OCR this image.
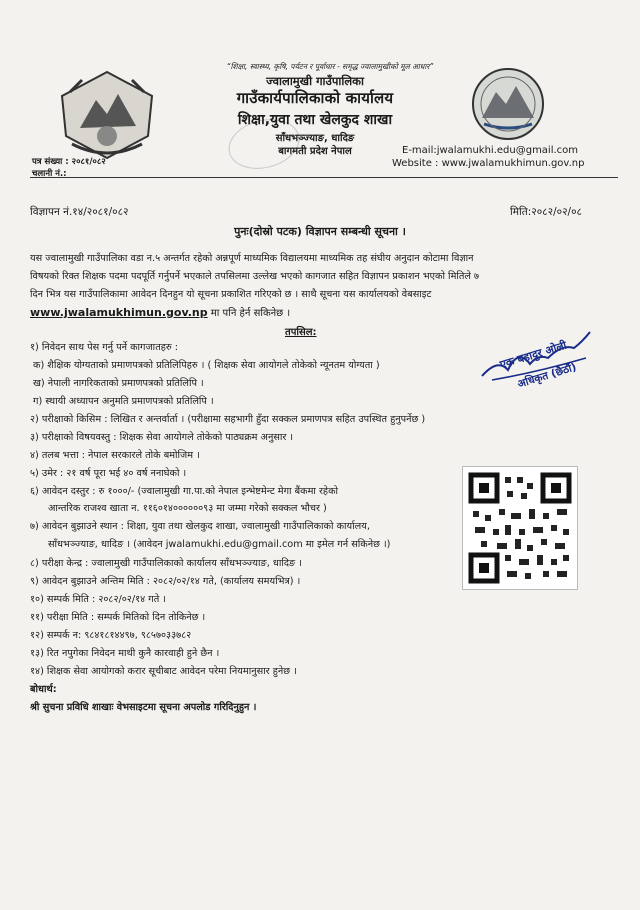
“शिक्षा, स्वास्थ्य, कृषि, पर्यटन र पूर्वाधार - समृद्ध ज्वालामुखीको मूल आधार”
ज्वालामुखी गाउँपालिका
गाउँकार्यपालिकाको कार्यालय
शिक्षा,युवा तथा खेलकुद शाखा
साँधभञ्ज्याङ, धादिङ
बागमती प्रदेश नेपाल
पत्र संख्या : २०८१/०८२
चलानी नं.:
E-mail:jwalamukhi.edu@gmail.com
Website : www.jwalamukhimun.gov.np
विज्ञापन नं.१४/२०८१/०८२	मिति:२०८२/०२/०८
पुनः(दोस्रो पटक) विज्ञापन सम्बन्धी सूचना ।
यस ज्वालामुखी गाउँपालिका वडा न.५ अन्तर्गत रहेको अन्नपूर्ण माध्यमिक विद्यालयमा माध्यमिक तह संघीय अनुदान कोटामा विज्ञान
विषयको रिक्त शिक्षक पदमा पदपूर्ति गर्नुपर्ने भएकाले तपसिलमा उल्लेख भएको कागजात सहित विज्ञापन प्रकाशन भएको मितिले ७
दिन भित्र यस गाउँपालिकामा आवेदन दिनहुन यो सूचना प्रकाशित गरिएको छ । साथै सूचना यस कार्यालयको वेबसाइट
www.jwalamukhimun.gov.np मा पनि हेर्न सकिनेछ ।
तपसिल:
१) निवेदन साथ पेस गर्नु पर्ने कागजातहरु :
क) शैक्षिक योग्यताको प्रमाणपत्रको प्रतिलिपिहरु । ( शिक्षक सेवा आयोगले तोकेको न्यूनतम योग्यता )
ख) नेपाली नागरिकताको प्रमाणपत्रको प्रतिलिपि ।
ग) स्थायी अध्यापन अनुमति प्रमाणपत्रको प्रतिलिपि ।
२) परीक्षाको किसिम : लिखित र अन्तर्वार्ता । (परीक्षामा सहभागी हुँदा सक्कल प्रमाणपत्र सहित उपस्थित हुनुपर्नेछ )
३) परीक्षाको विषयवस्तु : शिक्षक सेवा आयोगले तोकेको पाठ्यक्रम अनुसार ।
४) तलब भत्ता : नेपाल सरकारले तोके बमोजिम ।
५) उमेर : २१ वर्ष पूरा भई ४० वर्ष ननाघेको ।
६) आवेदन दस्तुर : रु १०००/- (ज्वालामुखी गा.पा.को नेपाल इन्भेष्टमेन्ट मेगा बैंकमा रहेको
आन्तरिक राजश्व खाता न. ११६०१४००००००९३ मा जम्मा गरेको सक्कल भौचर )
७) आवेदन बुझाउने स्थान : शिक्षा, युवा तथा खेलकुद शाखा, ज्वालामुखी गाउँपालिकाको कार्यालय,
साँधभञ्ज्याङ, धादिङ । (आवेदन jwalamukhi.edu@gmail.com मा इमेल गर्न सकिनेछ ।)
८) परीक्षा केन्द्र : ज्वालामुखी गाउँपालिकाको कार्यालय साँधभञ्ज्याङ, धादिङ ।
९) आवेदन बुझाउने अन्तिम मिति : २०८२/०२/१४ गते, (कार्यालय समयभित्र) ।
१०) सम्पर्क मिति : २०८२/०२/१४ गते ।
११) परीक्षा मिति : सम्पर्क मितिको दिन तोकिनेछ ।
१२) सम्पर्क न: ९८४१८१४४९७, ९८५७०३३७८२
१३) रित नपुगेका निवेदन माथी कुनै कारवाही हुने छैन ।
१४) शिक्षक सेवा आयोगको करार सूचीबाट आवेदन परेमा नियमानुसार हुनेछ ।
बोधार्थ:
श्री सुचना प्रविधि शाखाः वेभसाइटमा सूचना अपलोड गरिदिनुहुन ।
एक बहादुर ओली
अधिकृत (छैठौं)
